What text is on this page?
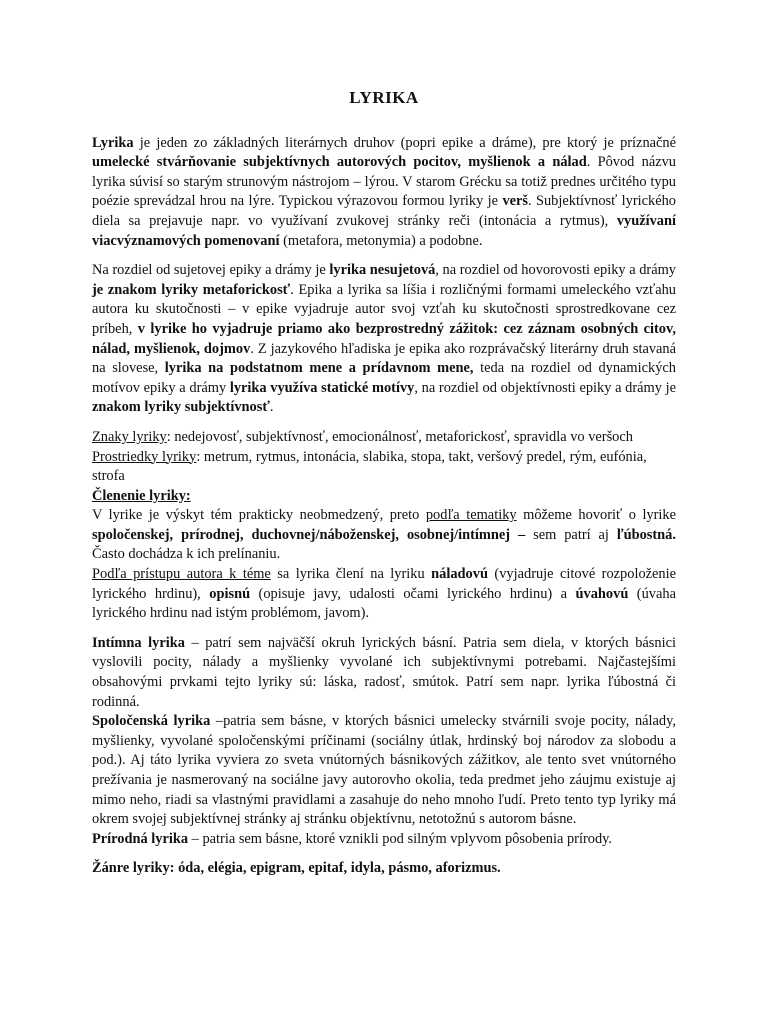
LYRIKA

Lyrika je jeden zo základných literárnych druhov (popri epike a dráme), pre ktorý je príznačné umelecké stvárňovanie subjektívnych autorových pocitov, myšlienok a nálad. Pôvod názvu lyrika súvisí so starým strunovým nástrojom – lýrou. V starom Grécku sa totiž prednes určitého typu poézie sprevádzal hrou na lýre. Typickou výrazovou formou lyriky je verš. Subjektívnosť lyrického diela sa prejavuje napr. vo využívaní zvukovej stránky reči (intonácia a rytmus), využívaní viacvýznamových pomenovaní (metafora, metonymia) a podobne.

Na rozdiel od sujetovej epiky a drámy je lyrika nesujetová, na rozdiel od hovorovosti epiky a drámy je znakom lyriky metaforickosť. Epika a lyrika sa líšia i rozličnými formami umeleckého vzťahu autora ku skutočnosti – v epike vyjadruje autor svoj vzťah ku skutočnosti sprostredkovane cez príbeh, v lyrike ho vyjadruje priamo ako bezprostredný zážitok: cez záznam osobných citov, nálad, myšlienok, dojmov. Z jazykového hľadiska je epika ako rozprávačský literárny druh stavaná na slovese, lyrika na podstatnom mene a prídavnom mene, teda na rozdiel od dynamických motívov epiky a drámy lyrika využíva statické motívy, na rozdiel od objektívnosti epiky a drámy je znakom lyriky subjektívnosť.

Znaky lyriky: nedejovosť, subjektívnosť, emocionálnosť, metaforickosť, spravidla vo veršoch

Prostriedky lyriky: metrum, rytmus, intonácia, slabika, stopa, takt, veršový predel, rým, eufónia, strofa

Členenie lyriky:

V lyrike je výskyt tém prakticky neobmedzený, preto podľa tematiky môžeme hovoriť o lyrike spoločenskej, prírodnej, duchovnej/náboženskej, osobnej/intímnej – sem patrí aj ľúbostná. Často dochádza k ich prelínaniu.

Podľa prístupu autora k téme sa lyrika člení na lyriku náladovú (vyjadruje citové rozpoloženie lyrického hrdinu), opisnú (opisuje javy, udalosti očami lyrického hrdinu) a úvahovú (úvaha lyrického hrdinu nad istým problémom, javom).

Intímna lyrika – patrí sem najväčší okruh lyrických básní. Patria sem diela, v ktorých básnici vyslovili pocity, nálady a myšlienky vyvolané ich subjektívnymi potrebami. Najčastejšími obsahovými prvkami tejto lyriky sú: láska, radosť, smútok. Patrí sem napr. lyrika ľúbostná či rodinná.

Spoločenská lyrika –patria sem básne, v ktorých básnici umelecky stvárnili svoje pocity, nálady, myšlienky, vyvolané spoločenskými príčinami (sociálny útlak, hrdinský boj národov za slobodu a pod.). Aj táto lyrika vyviera zo sveta vnútorných básnikových zážitkov, ale tento svet vnútorného prežívania je nasmerovaný na sociálne javy autorovho okolia, teda predmet jeho záujmu existuje aj mimo neho, riadi sa vlastnými pravidlami a zasahuje do neho mnoho ľudí. Preto tento typ lyriky má okrem svojej subjektívnej stránky aj stránku objektívnu, netotožnú s autorom básne.

Prírodná lyrika – patria sem básne, ktoré vznikli pod silným vplyvom pôsobenia prírody.

Žánre lyriky: óda, elégia, epigram, epitaf, idyla, pásmo, aforizmus.
